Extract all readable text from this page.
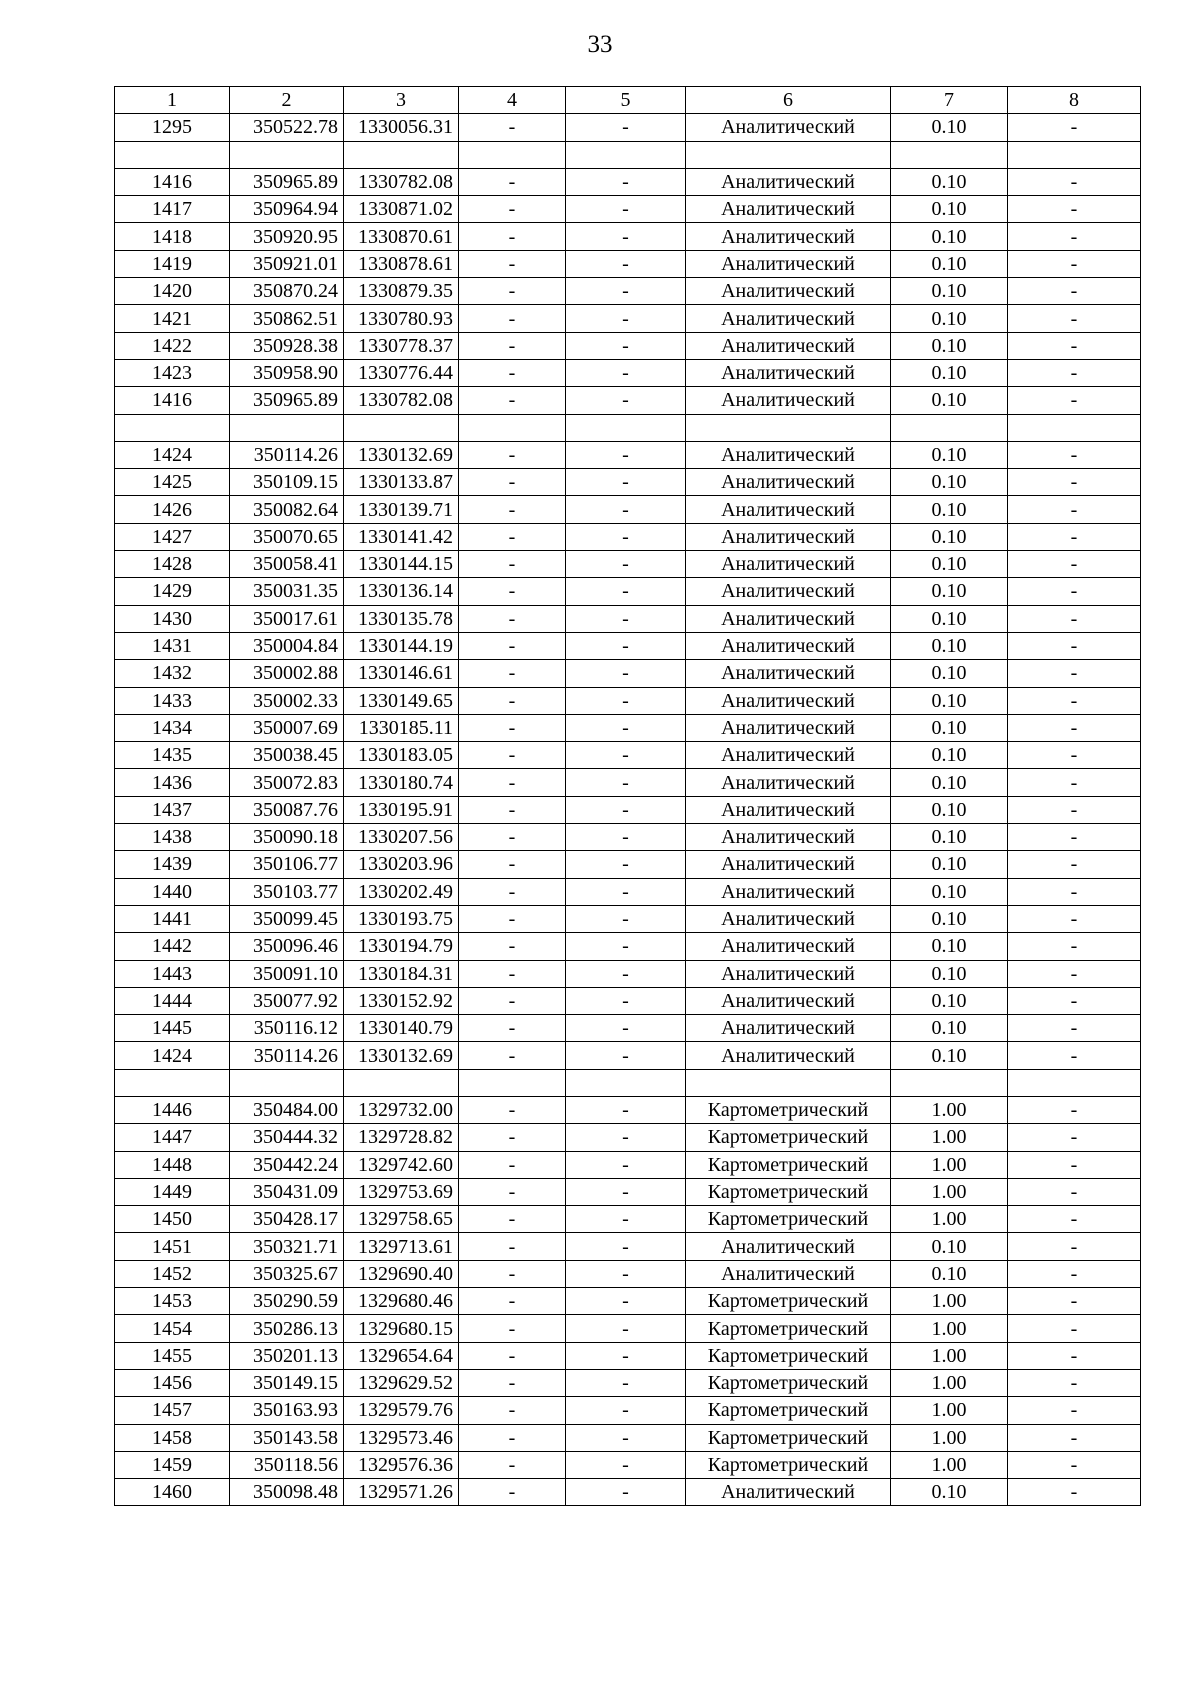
33
1	2	3	4	5	6	7	8
1295	350522.78	1330056.31	-	-	Аналитический	0.10	-

1416	350965.89	1330782.08	-	-	Аналитический	0.10	-
1417	350964.94	1330871.02	-	-	Аналитический	0.10	-
1418	350920.95	1330870.61	-	-	Аналитический	0.10	-
1419	350921.01	1330878.61	-	-	Аналитический	0.10	-
1420	350870.24	1330879.35	-	-	Аналитический	0.10	-
1421	350862.51	1330780.93	-	-	Аналитический	0.10	-
1422	350928.38	1330778.37	-	-	Аналитический	0.10	-
1423	350958.90	1330776.44	-	-	Аналитический	0.10	-
1416	350965.89	1330782.08	-	-	Аналитический	0.10	-

1424	350114.26	1330132.69	-	-	Аналитический	0.10	-
1425	350109.15	1330133.87	-	-	Аналитический	0.10	-
1426	350082.64	1330139.71	-	-	Аналитический	0.10	-
1427	350070.65	1330141.42	-	-	Аналитический	0.10	-
1428	350058.41	1330144.15	-	-	Аналитический	0.10	-
1429	350031.35	1330136.14	-	-	Аналитический	0.10	-
1430	350017.61	1330135.78	-	-	Аналитический	0.10	-
1431	350004.84	1330144.19	-	-	Аналитический	0.10	-
1432	350002.88	1330146.61	-	-	Аналитический	0.10	-
1433	350002.33	1330149.65	-	-	Аналитический	0.10	-
1434	350007.69	1330185.11	-	-	Аналитический	0.10	-
1435	350038.45	1330183.05	-	-	Аналитический	0.10	-
1436	350072.83	1330180.74	-	-	Аналитический	0.10	-
1437	350087.76	1330195.91	-	-	Аналитический	0.10	-
1438	350090.18	1330207.56	-	-	Аналитический	0.10	-
1439	350106.77	1330203.96	-	-	Аналитический	0.10	-
1440	350103.77	1330202.49	-	-	Аналитический	0.10	-
1441	350099.45	1330193.75	-	-	Аналитический	0.10	-
1442	350096.46	1330194.79	-	-	Аналитический	0.10	-
1443	350091.10	1330184.31	-	-	Аналитический	0.10	-
1444	350077.92	1330152.92	-	-	Аналитический	0.10	-
1445	350116.12	1330140.79	-	-	Аналитический	0.10	-
1424	350114.26	1330132.69	-	-	Аналитический	0.10	-

1446	350484.00	1329732.00	-	-	Картометрический	1.00	-
1447	350444.32	1329728.82	-	-	Картометрический	1.00	-
1448	350442.24	1329742.60	-	-	Картометрический	1.00	-
1449	350431.09	1329753.69	-	-	Картометрический	1.00	-
1450	350428.17	1329758.65	-	-	Картометрический	1.00	-
1451	350321.71	1329713.61	-	-	Аналитический	0.10	-
1452	350325.67	1329690.40	-	-	Аналитический	0.10	-
1453	350290.59	1329680.46	-	-	Картометрический	1.00	-
1454	350286.13	1329680.15	-	-	Картометрический	1.00	-
1455	350201.13	1329654.64	-	-	Картометрический	1.00	-
1456	350149.15	1329629.52	-	-	Картометрический	1.00	-
1457	350163.93	1329579.76	-	-	Картометрический	1.00	-
1458	350143.58	1329573.46	-	-	Картометрический	1.00	-
1459	350118.56	1329576.36	-	-	Картометрический	1.00	-
1460	350098.48	1329571.26	-	-	Аналитический	0.10	-
